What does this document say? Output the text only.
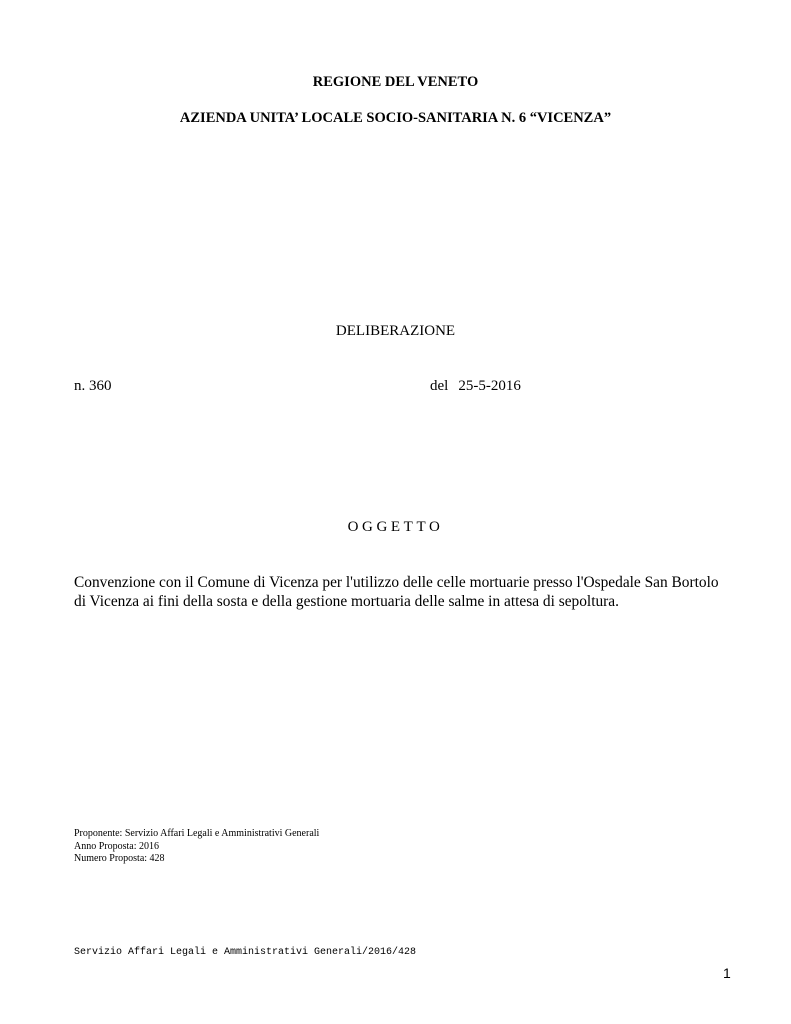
REGIONE DEL VENETO
AZIENDA UNITA’ LOCALE SOCIO-SANITARIA N. 6 “VICENZA”
DELIBERAZIONE
n. 360	del 25-5-2016
OGGETTO
Convenzione con il Comune di Vicenza per l'utilizzo delle celle mortuarie presso l'Ospedale San Bortolo di Vicenza ai fini della sosta e della gestione mortuaria delle salme in attesa di sepoltura.
Proponente: Servizio Affari Legali e Amministrativi Generali
Anno Proposta: 2016
Numero Proposta: 428
Servizio Affari Legali e Amministrativi Generali/2016/428
1
